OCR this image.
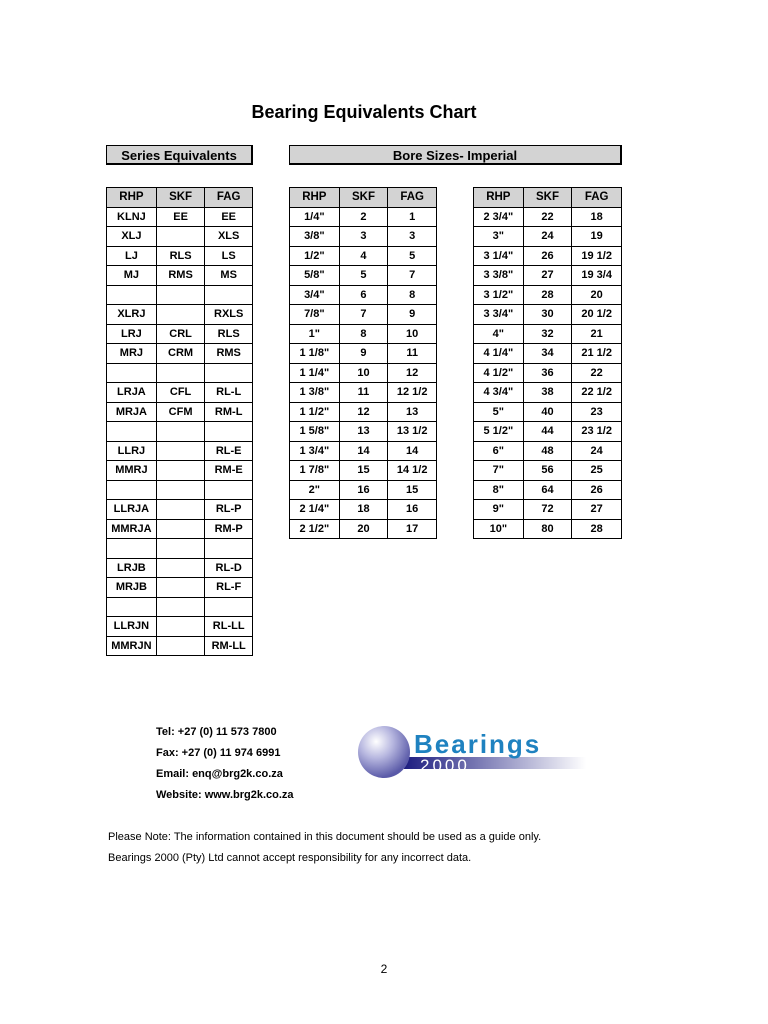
Bearing Equivalents Chart
Series Equivalents	Bore Sizes- Imperial
RHP	SKF	FAG
KLNJ	EE	EE
XLJ		XLS
LJ	RLS	LS
MJ	RMS	MS

XLRJ		RXLS
LRJ	CRL	RLS
MRJ	CRM	RMS

LRJA	CFL	RL-L
MRJA	CFM	RM-L

LLRJ		RL-E
MMRJ		RM-E

LLRJA		RL-P
MMRJA		RM-P

LRJB		RL-D
MRJB		RL-F

LLRJN		RL-LL
MMRJN		RM-LL
RHP	SKF	FAG
1/4"	2	1
3/8"	3	3
1/2"	4	5
5/8"	5	7
3/4"	6	8
7/8"	7	9
1"	8	10
1 1/8"	9	11
1 1/4"	10	12
1 3/8"	11	12 1/2
1 1/2"	12	13
1 5/8"	13	13 1/2
1 3/4"	14	14
1 7/8"	15	14 1/2
2"	16	15
2 1/4"	18	16
2 1/2"	20	17
RHP	SKF	FAG
2 3/4"	22	18
3"	24	19
3 1/4"	26	19 1/2
3 3/8"	27	19 3/4
3 1/2"	28	20
3 3/4"	30	20 1/2
4"	32	21
4 1/4"	34	21 1/2
4 1/2"	36	22
4 3/4"	38	22 1/2
5"	40	23
5 1/2"	44	23 1/2
6"	48	24
7"	56	25
8"	64	26
9"	72	27
10"	80	28
Tel: +27 (0) 11 573 7800
Fax: +27 (0) 11 974 6991
Email: enq@brg2k.co.za
Website: www.brg2k.co.za
Bearings
2000
Please Note: The information contained in this document should be used as a guide only.
Bearings 2000 (Pty) Ltd cannot accept responsibility for any incorrect data.
2
